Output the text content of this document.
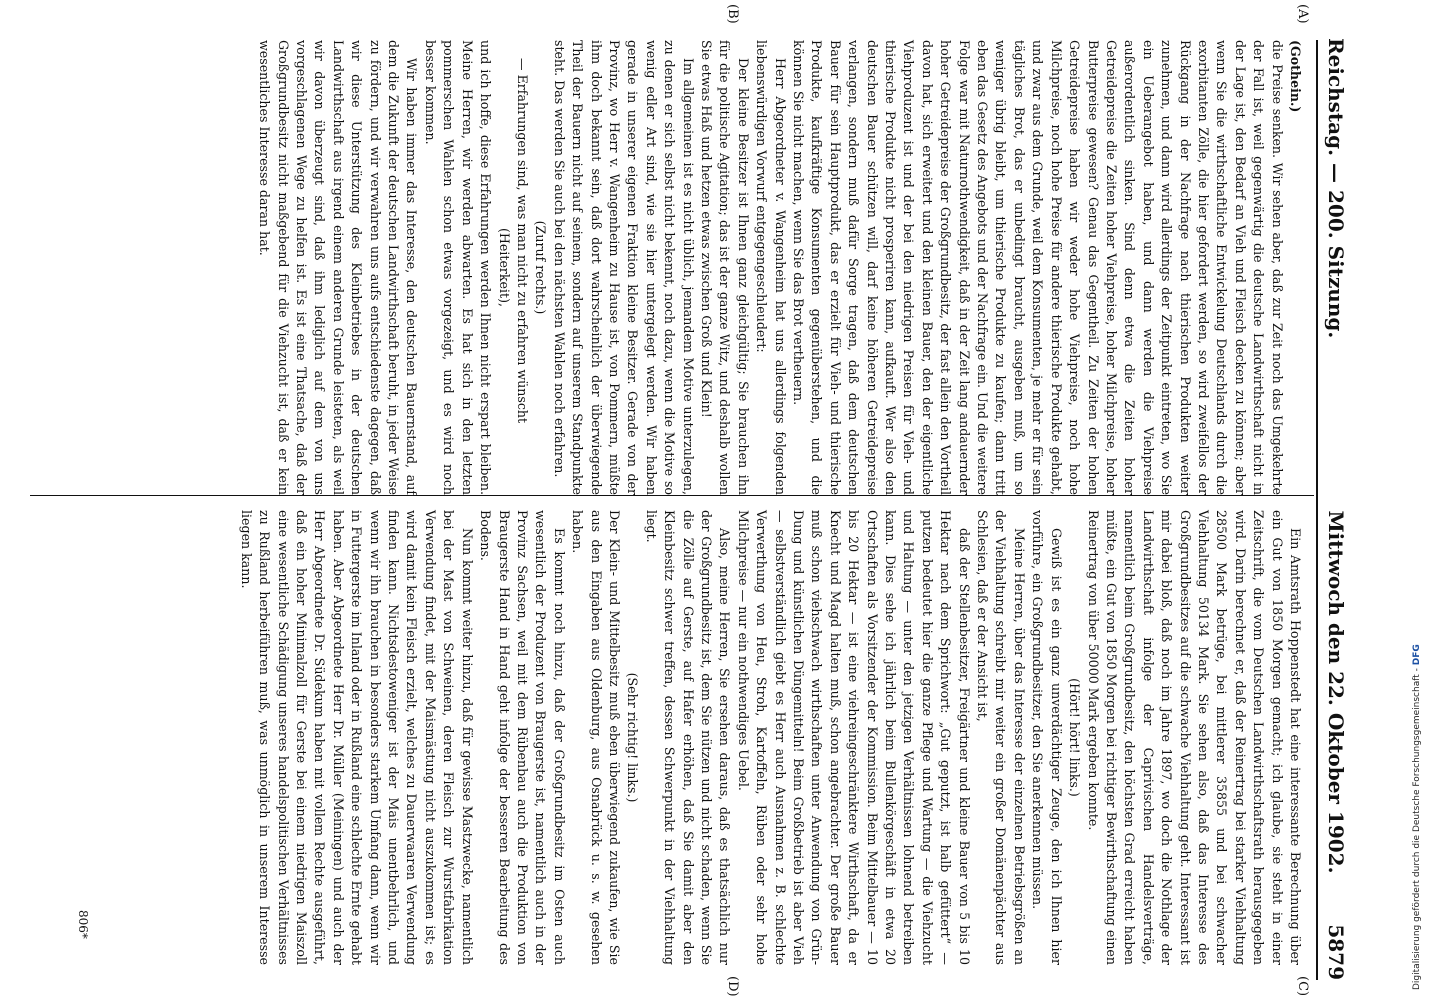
Reichstag. — 200. Sitzung.
Mittwoch den 22. Oktober 1902.
5879
(A)
(B)
(C)
(D)

(Gothein.)

die Preise senken. Wir sehen aber, daß zur Zeit noch das Umgekehrte der Fall ist, weil gegenwärtig die deutsche Landwirthschaft nicht in der Lage ist, den Bedarf an Vieh und Fleisch decken zu können; aber wenn Sie die wirthschaftliche Entwickelung Deutschlands durch die exorbitanten Zölle, die hier gefordert werden, so wird zweifellos der Rückgang in der Nachfrage nach thierischen Produkten weiter zunehmen, und dann wird allerdings der Zeitpunkt eintreten, wo Sie ein Ueberangebot haben, und dann werden die Viehpreise außerordentlich sinken. Sind denn etwa die Zeiten hoher Getreidepreise die Zeiten hoher Viehpreise, hoher Milchpreise, hoher Butterpreise gewesen? Genau das Gegentheil. Zu Zeiten der hohen Getreidepreise haben wir weder hohe Viehpreise, noch hohe Milchpreise, noch hohe Preise für andere thierische Produkte gehabt, und zwar aus dem Grunde, weil dem Konsumenten, je mehr er für sein tägliches Brot, das er unbedingt braucht, ausgeben muß, um so weniger übrig bleibt, um thierische Produkte zu kaufen; dann tritt eben das Gesetz des Angebots und der Nachfrage ein. Und die weitere Folge war mit Naturnothwendigkeit, daß in der Zeit lang andauernder hoher Getreidepreise der Großgrundbesitz, der fast allein den Vortheil davon hat, sich erweitert und den kleinen Bauer, den der eigentliche Viehproduzent ist und der bei den niedrigen Preisen für Vieh- und thierische Produkte nicht prosperiren kann, aufkauft. Wer also den deutschen Bauer schützen will, darf keine höheren Getreidepreise verlangen, sondern muß dafür Sorge tragen, daß dem deutschen Bauer für sein Hauptprodukt, das er erzielt für Vieh- und thierische Produkte, kaufkräftige Konsumenten gegenüberstehen, und die können Sie nicht machen, wenn Sie das Brot vertheuern.

Herr Abgeordneter v. Wangenheim hat uns allerdings folgenden liebenswürdigen Vorwurf entgegengeschleudert:

Der kleine Besitzer ist Ihnen ganz gleichgültig; Sie brauchen ihn für die politische Agitation; das ist der ganze Witz, und deshalb wollen Sie etwas Haß und hetzen etwas zwischen Groß und Klein!

Im allgemeinen ist es nicht üblich, jemandem Motive unterzulegen, zu denen er sich selbst nicht bekennt, noch dazu, wenn die Motive so wenig edler Art sind, wie sie hier untergelegt werden. Wir haben gerade in unserer eigenen Fraktion kleine Besitzer. Gerade von der Provinz, wo Herr v. Wangenheim zu Hause ist, von Pommern, müßte ihm doch bekannt sein, daß dort wahrscheinlich der überwiegende Theil der Bauern nicht auf seinem, sondern auf unserem Standpunkte steht. Das werden Sie auch bei den nächsten Wahlen noch erfahren.

(Zuruf rechts.)

— Erfahrungen sind, was man nicht zu erfahren wünscht

(Heiterkeit),

und ich hoffe, diese Erfahrungen werden Ihnen nicht erspart bleiben. Meine Herren, wir werden abwarten. Es hat sich in den letzten pommerschen Wahlen schon etwas vorgezeigt, und es wird noch besser kommen.

Wir haben immer das Interesse, den deutschen Bauernstand, auf dem die Zukunft der deutschen Landwirthschaft beruht, in jeder Weise zu fördern, und wir verwahren uns aufs entschiedenste dagegen, daß wir diese Unterstützung des Kleinbetriebes in der deutschen Landwirthschaft aus irgend einem anderen Grunde leisteten, als weil wir davon überzeugt sind, daß ihm lediglich auf dem von uns vorgeschlagenen Wege zu helfen ist. Es ist eine Thatsache, daß der Großgrundbesitz nicht maßgebend für die Viehzucht ist, daß er kein wesentliches Interesse daran hat.

Ein Amtsrath Hoppenstedt hat eine interessante Berechnung über ein Gut von 1850 Morgen gemacht; ich glaube, sie steht in einer Zeitschrift, die vom Deutschen Landwirthschaftsrath herausgegeben wird. Darin berechnet er, daß der Reinertrag bei starker Viehhaltung 28500 Mark betrüge, bei mittlerer 35855 und bei schwacher Viehhaltung 50134 Mark. Sie sehen also, daß das Interesse des Großgrundbesitzes auf die schwache Viehhaltung geht. Interessant ist mir dabei bloß, daß noch im Jahre 1897, wo doch die Nothlage der Landwirthschaft infolge der Caprivischen Handelsverträge, namentlich beim Großgrundbesitz, den höchsten Grad erreicht haben müßte, ein Gut von 1850 Morgen bei richtiger Bewirthschaftung einen Reinertrag von über 50000 Mark ergeben konnte.

(Hört! hört! links.)

Gewiß ist es ein ganz unverdächtiger Zeuge, den ich Ihnen hier vorführe, ein Großgrundbesitzer, den Sie anerkennen müssen.

Meine Herren, über das Interesse der einzelnen Betriebsgrößen an der Viehhaltung schreibt mir weiter ein großer Domänenpächter aus Schlesien, daß er der Ansicht ist,

daß der Stellenbesitzer, Freigärtner und kleine Bauer von 5 bis 10 Hektar nach dem Sprichwort: „Gut geputzt, ist halb gefüttert“ — putzen bedeutet hier die ganze Pflege und Wartung — die Viehzucht und Haltung — unter den jetzigen Verhältnissen lohnend betreiben kann. Dies sehe ich jährlich beim Bullenkörgeschäft in etwa 20 Ortschaften als Vorsitzender der Kommission. Beim Mittelbauer — 10 bis 20 Hektar — ist eine viehreingeschränktere Wirthschaft, da er Knecht und Magd halten muß, schon angebrachter. Der große Bauer muß schon viehschwach wirthschaften unter Anwendung von Grün-Dung und künstlichen Düngemitteln! Beim Großbetrieb ist aber Vieh — selbstverständlich giebt es Herr auch Ausnahmen z. B. schlechte Verwerthung von Heu, Stroh, Kartoffeln, Rüben oder sehr hohe Milchpreise — nur ein nothwendiges Uebel.

Also, meine Herren, Sie ersehen daraus, daß es thatsächlich nur der Großgrundbesitz ist, dem Sie nützen und nicht schaden, wenn Sie die Zölle auf Gerste, auf Hafer erhöhen, daß Sie damit aber den Kleinbesitz schwer treffen, dessen Schwerpunkt in der Viehhaltung liegt.

(Sehr richtig! links.)

Der Klein- und Mittelbesitz muß eben überwiegend zukaufen, wie Sie aus den Eingaben aus Oldenburg, aus Osnabrück u. s. w. gesehen haben.

Es kommt noch hinzu, daß der Großgrundbesitz im Osten auch wesentlich der Produzent von Braugerste ist, namentlich auch in der Provinz Sachsen, weil mit dem Rübenbau auch die Produktion von Braugerste Hand in Hand geht infolge der besseren Bearbeitung des Bodens.

Nun kommt weiter hinzu, daß für gewisse Mastzwecke, namentlich bei der Mast von Schweinen, deren Fleisch zur Wurstfabrikation Verwendung findet, mit der Maismästung nicht auszukommen ist; es wird damit kein Fleisch erzielt, welches zu Dauerwaaren Verwendung finden kann. Nichtsdestoweniger ist der Mais unentbehrlich, und wenn wir ihn brauchen in besonders starkem Umfang dann, wenn wir in Futtergerste im Inland oder in Rußland eine schlechte Ernte gehabt haben. Aber Abgeordnete Herr Dr. Müller (Meiningen) und auch der Herr Abgeordnete Dr. Südekum haben mit vollem Rechte ausgeführt, daß ein hoher Minimalzoll für Gerste bei einem niedrigen Maiszoll eine wesentliche Schädigung unseres handelspolitischen Verhältnisses zu Rußland herbeiführen muß, was unmöglich in unserem Interesse liegen kann.

806*	Digitalisierung gefördert durch die Deutsche Forschungsgemeinschaft - DFG
